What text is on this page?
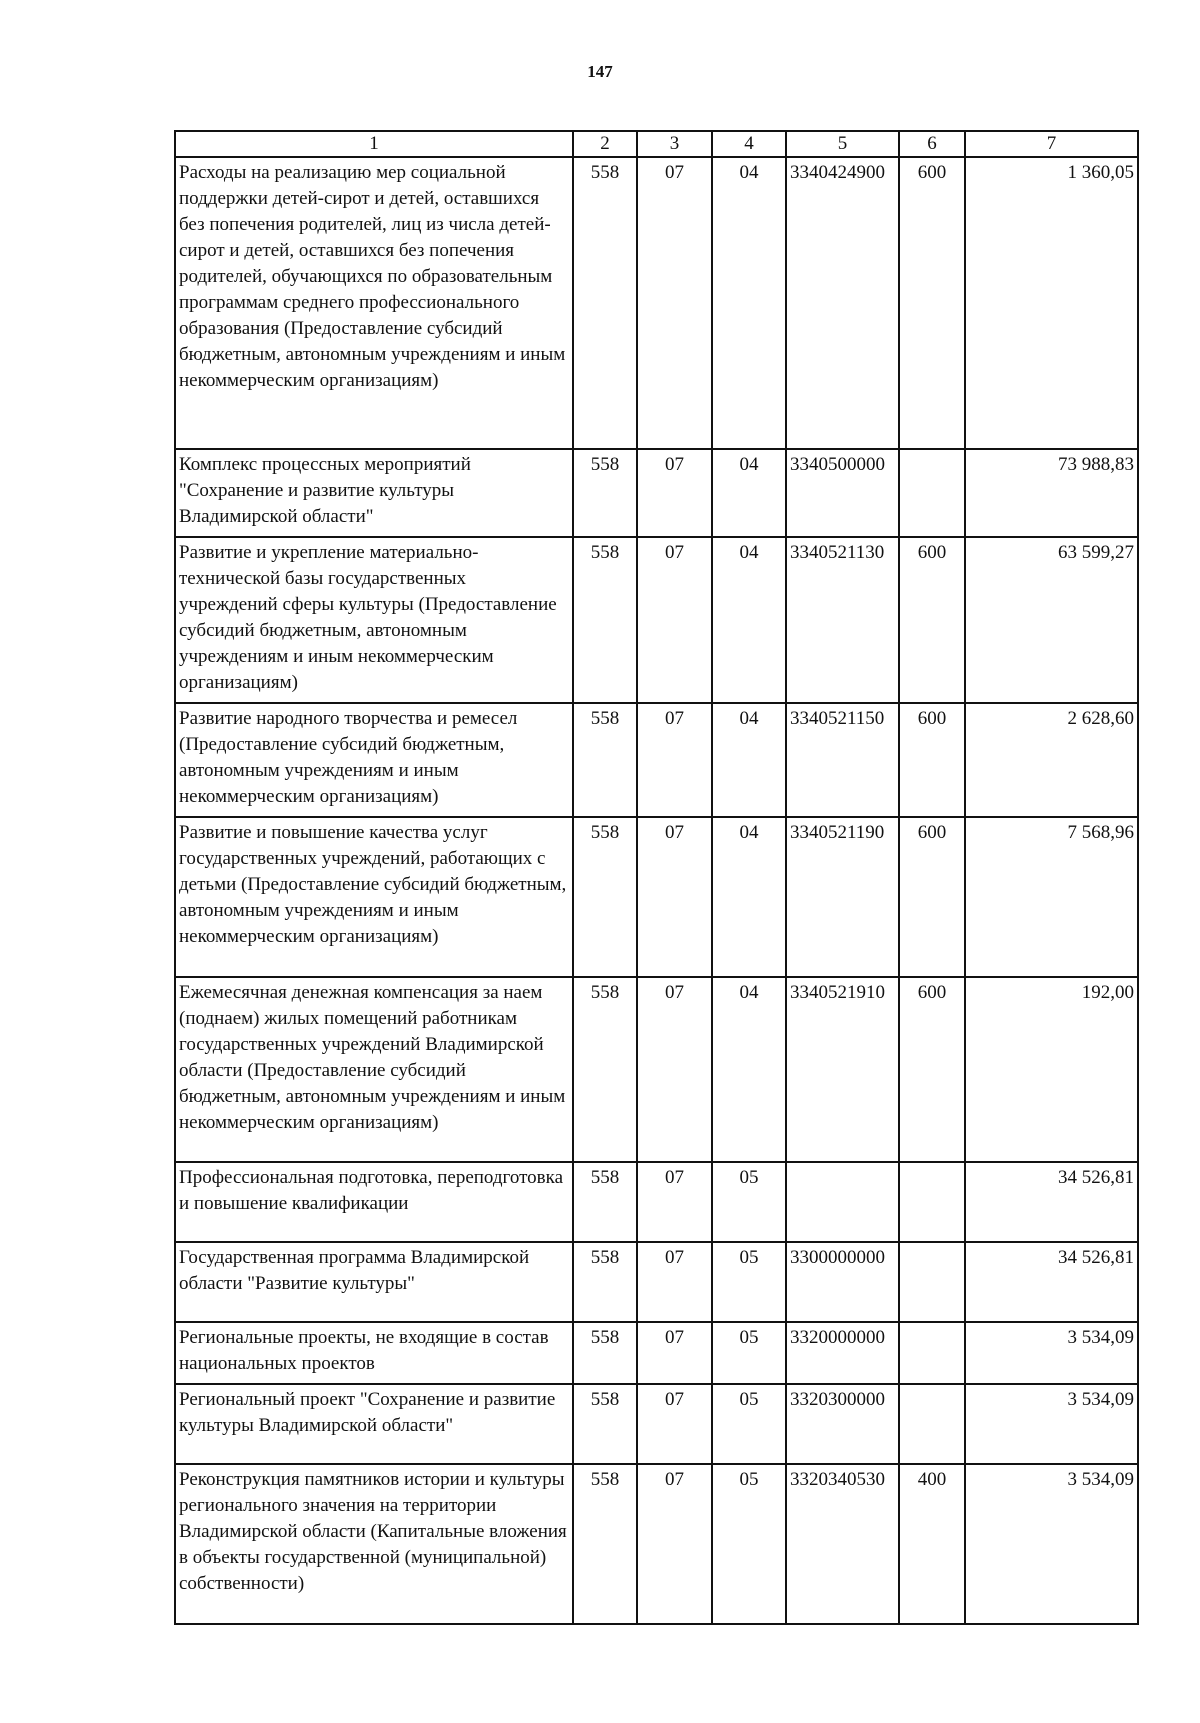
147
1	2	3	4	5	6	7
Расходы на реализацию мер социальной поддержки детей-сирот и детей, оставшихся без попечения родителей, лиц из числа детей-сирот и детей, оставшихся без попечения родителей, обучающихся по образовательным программам среднего профессионального образования (Предоставление субсидий бюджетным, автономным учреждениям и иным некоммерческим организациям)	558	07	04	3340424900	600	1 360,05
Комплекс процессных мероприятий "Сохранение и развитие культуры Владимирской области"	558	07	04	3340500000		73 988,83
Развитие и укрепление материально-технической базы государственных учреждений сферы культуры (Предоставление субсидий бюджетным, автономным учреждениям и иным некоммерческим организациям)	558	07	04	3340521130	600	63 599,27
Развитие народного творчества и ремесел (Предоставление субсидий бюджетным, автономным учреждениям и иным некоммерческим организациям)	558	07	04	3340521150	600	2 628,60
Развитие и повышение качества услуг государственных учреждений, работающих с детьми (Предоставление субсидий бюджетным, автономным учреждениям и иным некоммерческим организациям)	558	07	04	3340521190	600	7 568,96
Ежемесячная денежная компенсация за наем (поднаем) жилых помещений работникам государственных учреждений Владимирской области (Предоставление субсидий бюджетным, автономным учреждениям и иным некоммерческим организациям)	558	07	04	3340521910	600	192,00
Профессиональная подготовка, переподготовка и повышение квалификации	558	07	05			34 526,81
Государственная программа Владимирской области "Развитие культуры"	558	07	05	3300000000		34 526,81
Региональные проекты, не входящие в состав национальных проектов	558	07	05	3320000000		3 534,09
Региональный проект "Сохранение и развитие культуры Владимирской области"	558	07	05	3320300000		3 534,09
Реконструкция памятников истории и культуры регионального значения на территории Владимирской области (Капитальные вложения в объекты государственной (муниципальной) собственности)	558	07	05	3320340530	400	3 534,09
